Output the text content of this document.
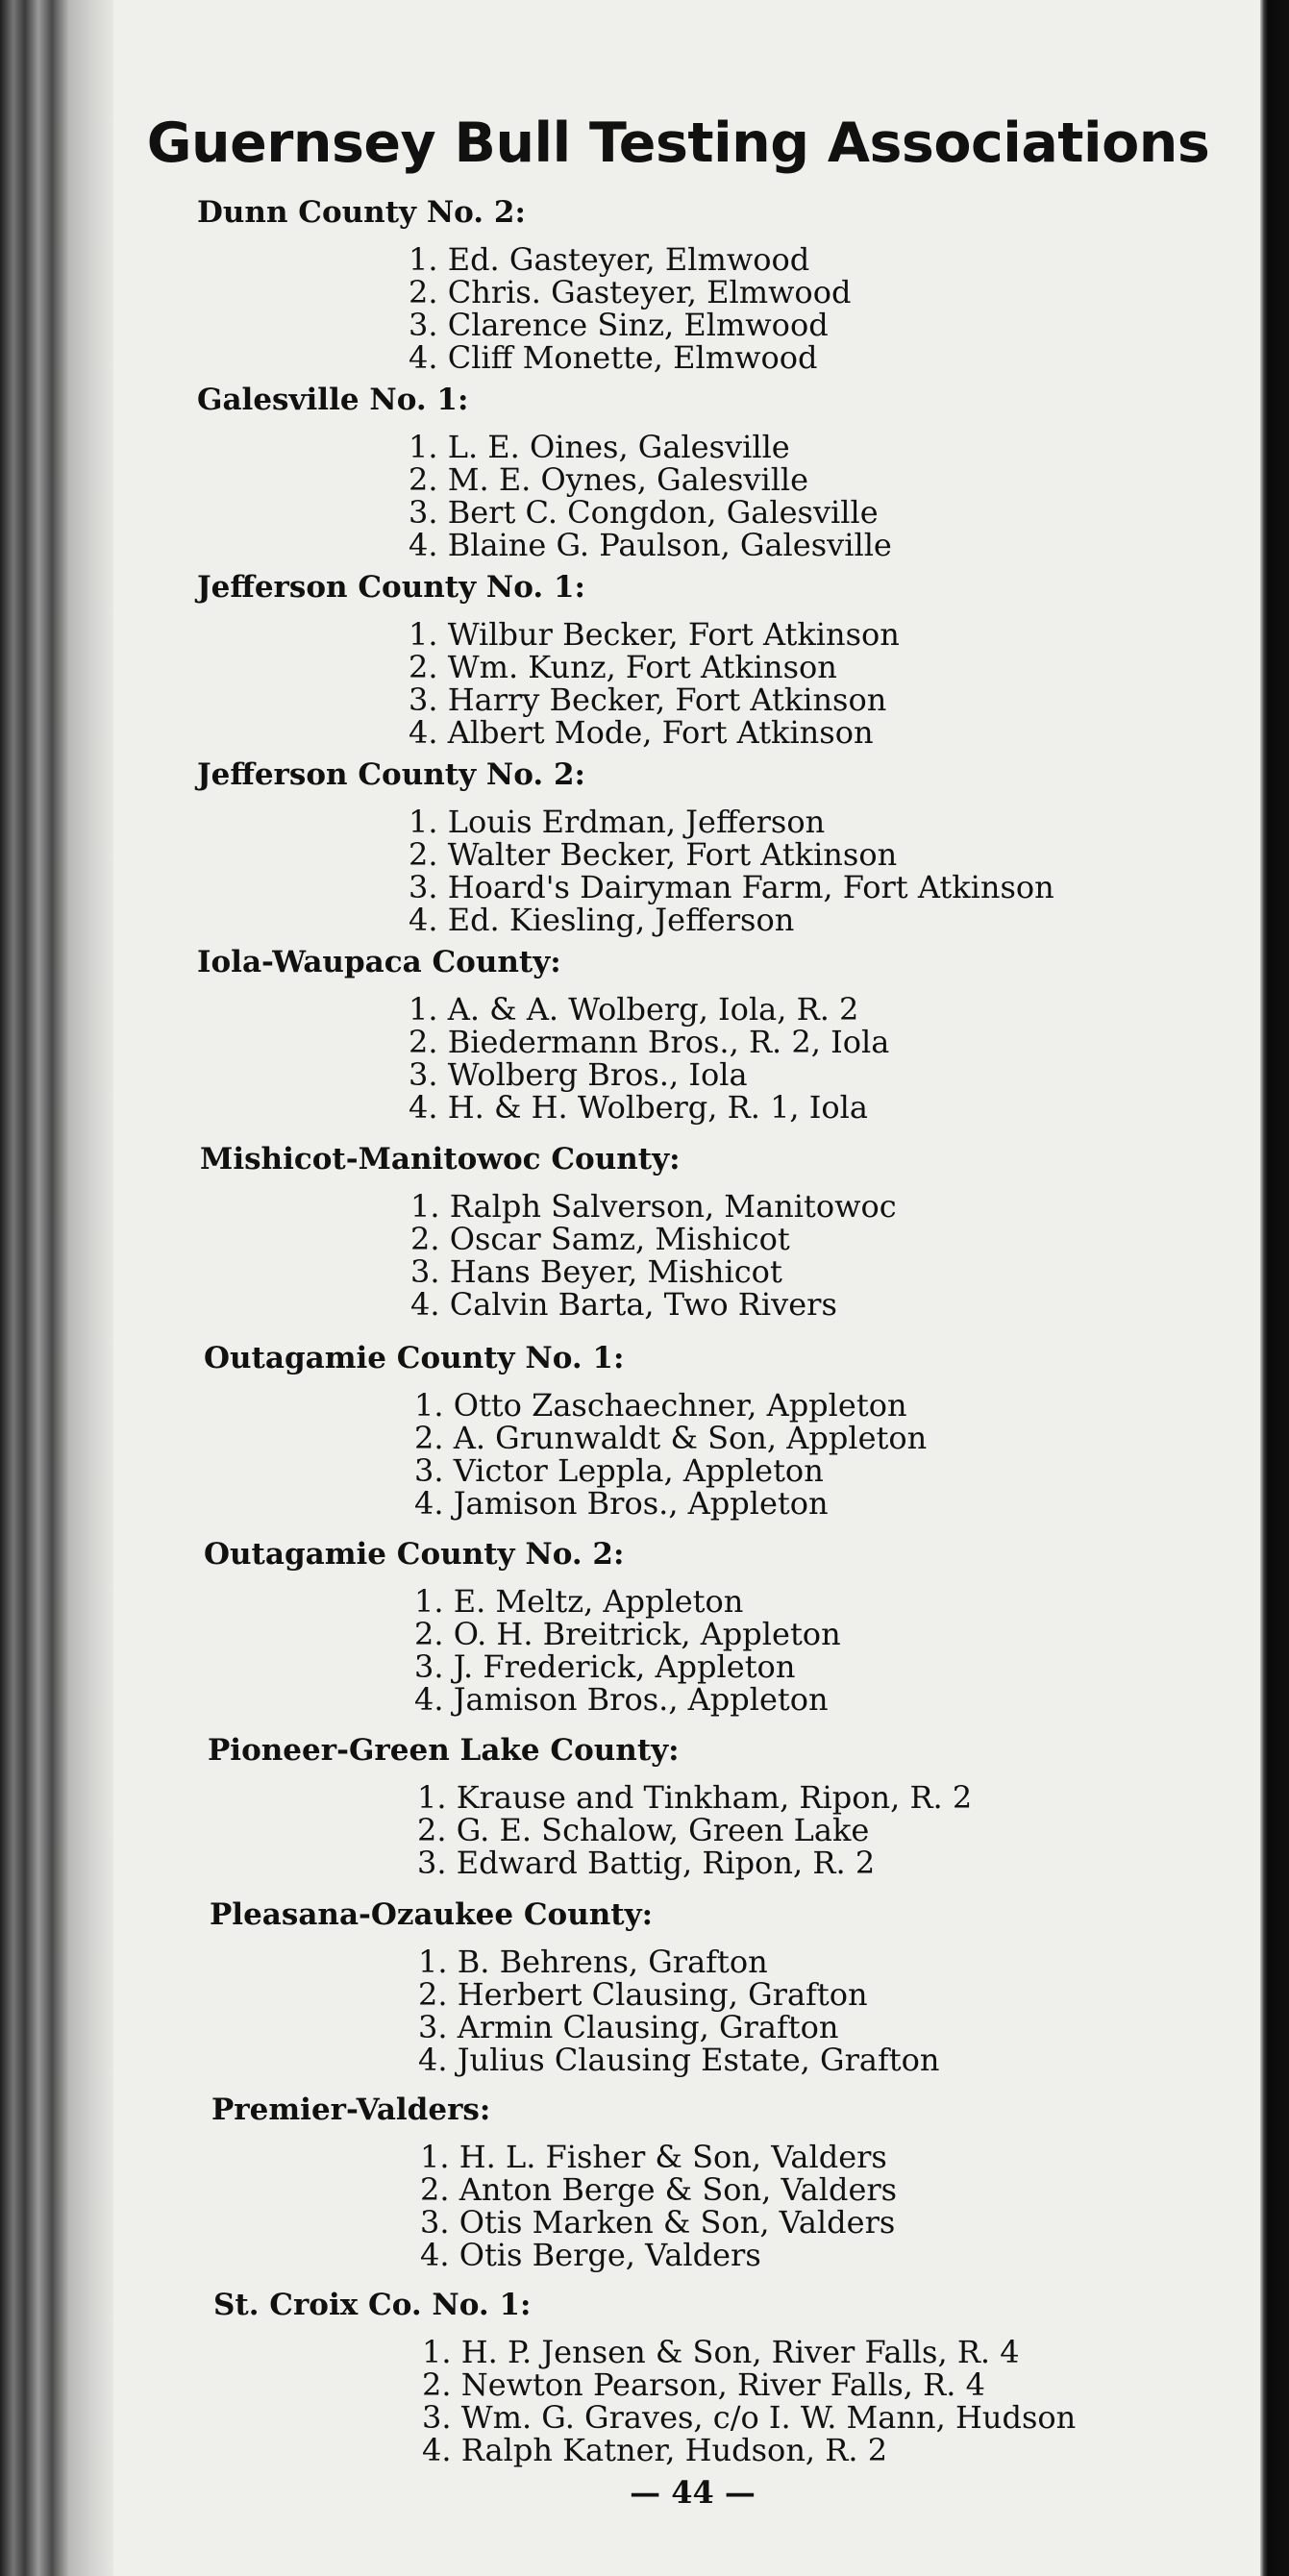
Guernsey Bull Testing Associations
Dunn County No. 2:
1. Ed. Gasteyer, Elmwood
2. Chris. Gasteyer, Elmwood
3. Clarence Sinz, Elmwood
4. Cliff Monette, Elmwood
Galesville No. 1:
1. L. E. Oines, Galesville
2. M. E. Oynes, Galesville
3. Bert C. Congdon, Galesville
4. Blaine G. Paulson, Galesville
Jefferson County No. 1:
1. Wilbur Becker, Fort Atkinson
2. Wm. Kunz, Fort Atkinson
3. Harry Becker, Fort Atkinson
4. Albert Mode, Fort Atkinson
Jefferson County No. 2:
1. Louis Erdman, Jefferson
2. Walter Becker, Fort Atkinson
3. Hoard's Dairyman Farm, Fort Atkinson
4. Ed. Kiesling, Jefferson
Iola-Waupaca County:
1. A. & A. Wolberg, Iola, R. 2
2. Biedermann Bros., R. 2, Iola
3. Wolberg Bros., Iola
4. H. & H. Wolberg, R. 1, Iola
Mishicot-Manitowoc County:
1. Ralph Salverson, Manitowoc
2. Oscar Samz, Mishicot
3. Hans Beyer, Mishicot
4. Calvin Barta, Two Rivers
Outagamie County No. 1:
1. Otto Zaschaechner, Appleton
2. A. Grunwaldt & Son, Appleton
3. Victor Leppla, Appleton
4. Jamison Bros., Appleton
Outagamie County No. 2:
1. E. Meltz, Appleton
2. O. H. Breitrick, Appleton
3. J. Frederick, Appleton
4. Jamison Bros., Appleton
Pioneer-Green Lake County:
1. Krause and Tinkham, Ripon, R. 2
2. G. E. Schalow, Green Lake
3. Edward Battig, Ripon, R. 2
Pleasana-Ozaukee County:
1. B. Behrens, Grafton
2. Herbert Clausing, Grafton
3. Armin Clausing, Grafton
4. Julius Clausing Estate, Grafton
Premier-Valders:
1. H. L. Fisher & Son, Valders
2. Anton Berge & Son, Valders
3. Otis Marken & Son, Valders
4. Otis Berge, Valders
St. Croix Co. No. 1:
1. H. P. Jensen & Son, River Falls, R. 4
2. Newton Pearson, River Falls, R. 4
3. Wm. G. Graves, c/o I. W. Mann, Hudson
4. Ralph Katner, Hudson, R. 2
— 44 —
